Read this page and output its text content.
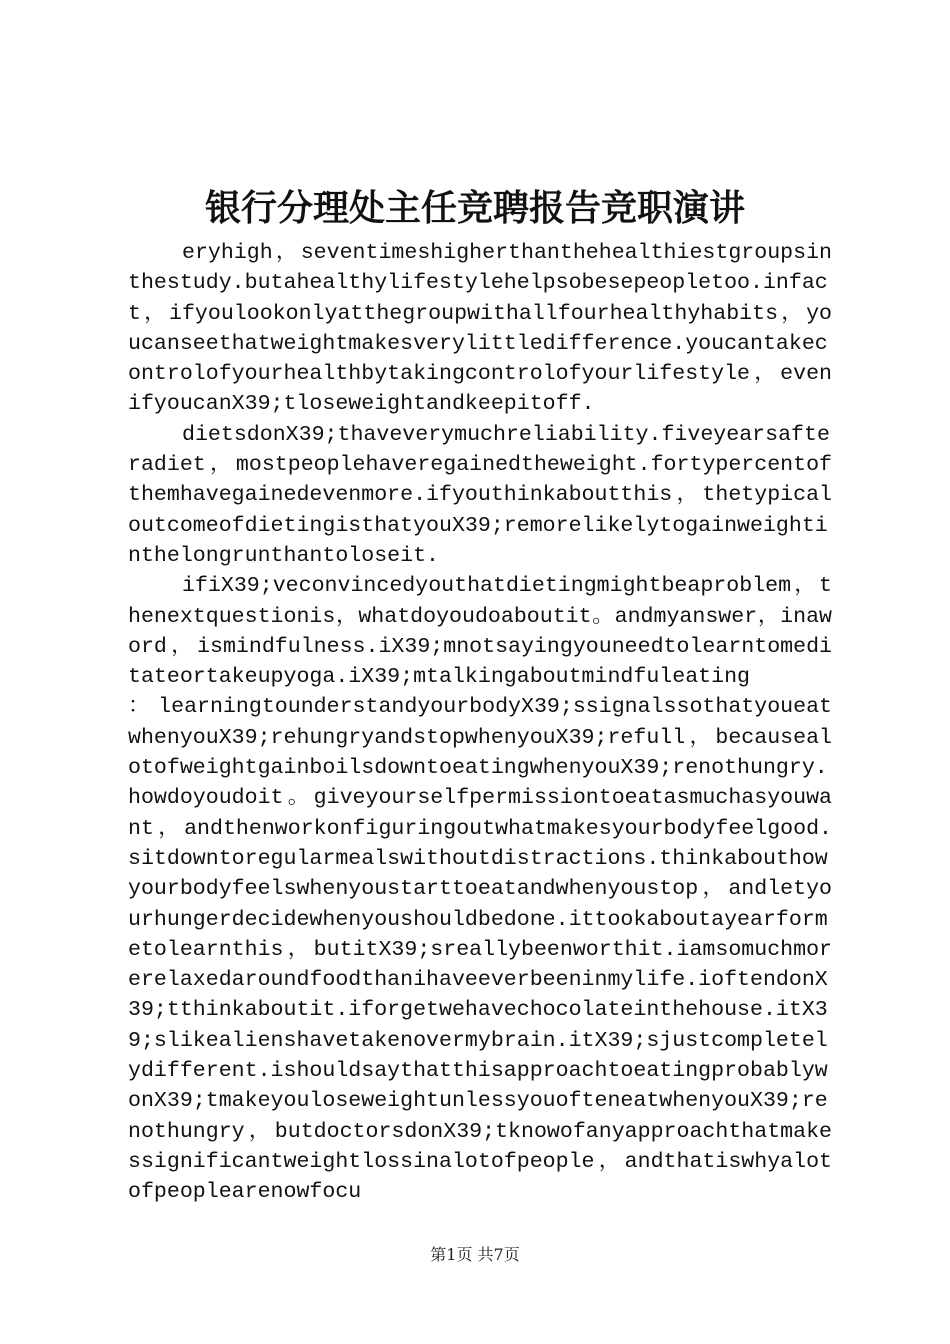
银行分理处主任竞聘报告竞职演讲

eryhigh，seventimeshigherthanthehealthiestgroupsinthestudy.butahealthylifestylehelpsobesepeopletoo.infact，ifyoulookonlyatthegroupwithallfourhealthyhabits，youcanseethatweightmakesverylittledifference.youcantakecontrolofyourhealthbytakingcontrolofyourlifestyle，evenifyoucanX39;tloseweightandkeepitoff.

dietsdonX39;thaveverymuchreliability.fiveyearsafteradiet，mostpeoplehaveregainedtheweight.fortypercentofthemhavegainedevenmore.ifyouthinkaboutthis，thetypicaloutcomeofdietingisthatyouX39;remorelikelytogainweightinthelongrunthantoloseit.

ifiX39;veconvincedyouthatdietingmightbeaproblem，thenextquestionis，whatdoyoudoaboutit。andmyanswer，inaword，ismindfulness.iX39;mnotsayingyouneedtolearntomeditateortakeupyoga.iX39;mtalkingaboutmindfuleating　　　　：learningtounderstandyourbodyX39;ssignalssothatyoueatwhenyouX39;rehungryandstopwhenyouX39;refull，becausealotofweightgainboilsdowntoeatingwhenyouX39;renothungry.howdoyoudoit。giveyourselfpermissiontoeatasmuchasyouwant，andthenworkonfiguringoutwhatmakesyourbodyfeelgood.sitdowntoregularmealswithoutdistractions.thinkabouthowyourbodyfeelswhenyoustarttoeatandwhenyoustop，andletyourhungerdecidewhenyoushouldbedone.ittookaboutayearformetolearnthis，butitX39;sreallybeenworthit.iamsomuchmorerelaxedaroundfoodthanihaveeverbeeninmylife.ioftendonX39;tthinkaboutit.iforgetwehavechocolateinthehouse.itX39;slikealienshavetakenovermybrain.itX39;sjustcompletelydifferent.ishouldsaythatthisapproachtoeatingprobablywonX39;tmakeyouloseweightunlessyouofteneatwhenyouX39;renothungry，butdoctorsdonX39;tknowofanyapproachthatmakessignificantweightlossinalotofpeople，andthatiswhyalotofpeoplearenowfocu

第1页 共7页
